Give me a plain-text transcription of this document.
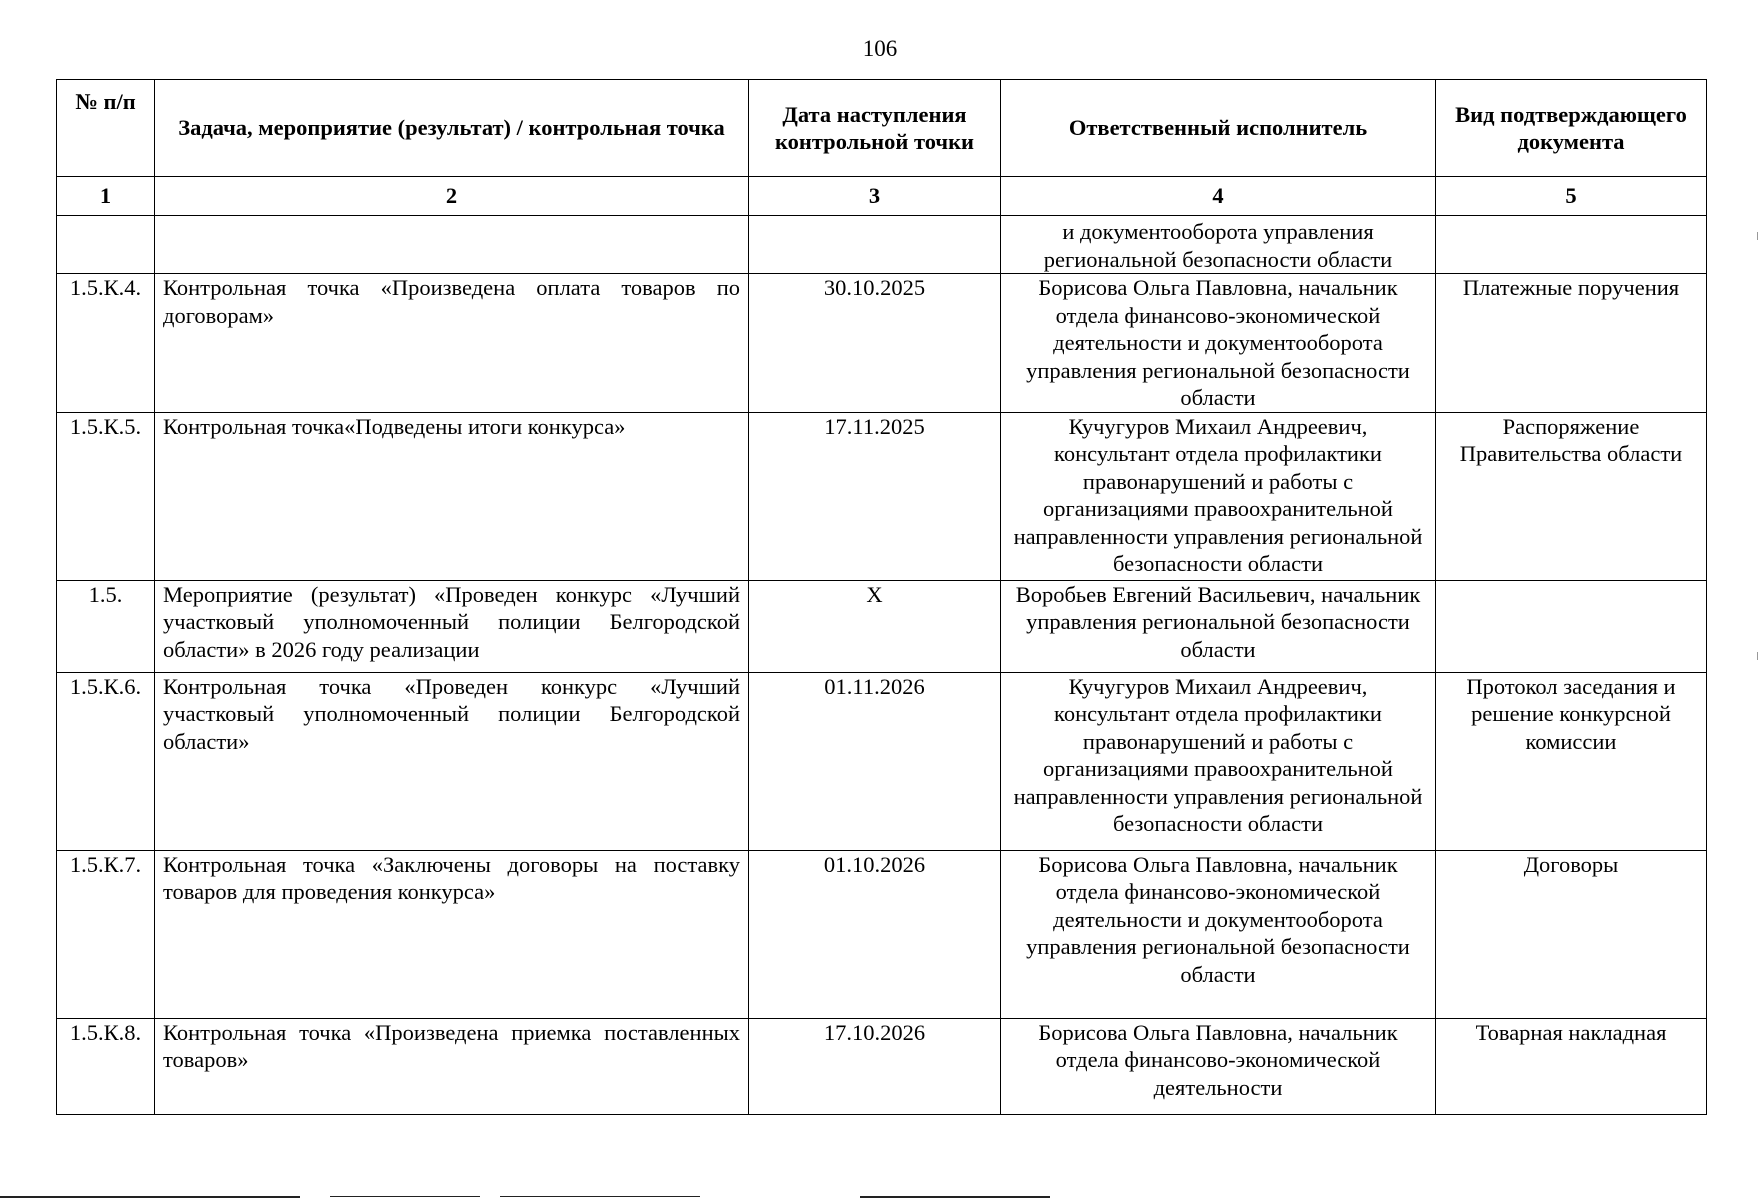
106
№ п/п	Задача, мероприятие (результат) / контрольная точка	Дата наступления контрольной точки	Ответственный исполнитель	Вид подтверждающего документа
1	2	3	4	5
			и документооборота управления региональной безопасности области	
1.5.К.4.	Контрольная точка «Произведена оплата товаров по договорам»	30.10.2025	Борисова Ольга Павловна, начальник отдела финансово-экономической деятельности и документооборота управления региональной безопасности области	Платежные поручения
1.5.К.5.	Контрольная точка«Подведены итоги конкурса»	17.11.2025	Кучугуров Михаил Андреевич, консультант отдела профилактики правонарушений и работы с организациями правоохранительной направленности управления региональной безопасности области	Распоряжение Правительства области
1.5.	Мероприятие (результат) «Проведен конкурс «Лучший участковый уполномоченный полиции Белгородской области» в 2026 году реализации	Х	Воробьев Евгений Васильевич, начальник управления региональной безопасности области	
1.5.К.6.	Контрольная точка «Проведен конкурс «Лучший участковый уполномоченный полиции Белгородской области»	01.11.2026	Кучугуров Михаил Андреевич, консультант отдела профилактики правонарушений и работы с организациями правоохранительной направленности управления региональной безопасности области	Протокол заседания и решение конкурсной комиссии
1.5.К.7.	Контрольная точка «Заключены договоры на поставку товаров для проведения конкурса»	01.10.2026	Борисова Ольга Павловна, начальник отдела финансово-экономической деятельности и документооборота управления региональной безопасности области	Договоры
1.5.К.8.	Контрольная точка «Произведена приемка поставленных товаров»	17.10.2026	Борисова Ольга Павловна, начальник отдела финансово-экономической деятельности	Товарная накладная
